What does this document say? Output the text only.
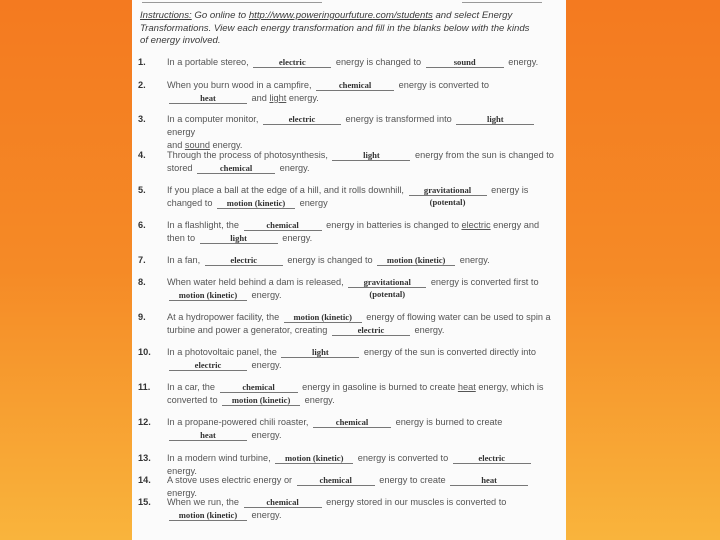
Instructions: Go online to http://www.poweringourfuture.com/students and select Energy Transformations. View each energy transformation and fill in the blanks below with the kinds of energy involved.
1. In a portable stereo,	electric	energy is changed to	sound	energy.
2. When you burn wood in a campfire,	chemical	energy is converted to
heat	and light energy.
3. In a computer monitor,	electric	energy is transformed into	light energy
and sound energy.
4. Through the process of photosynthesis,	light	energy from the sun is changed to
stored	chemical	energy.
5. If you place a ball at the edge of a hill, and it rolls downhill, gravitational
(potental)
energy is
changed to motion (kinetic) energy
6. In a flashlight, the	chemical	energy in batteries is changed to electric energy and
then to	light	energy.
7. In a fan,	electric	energy is changed to motion (kinetic) energy.
8. When water held behind a dam is released, gravitational
(potental)
energy is converted first to
motion (kinetic) energy.
9. At a hydropower facility, the motion (kinetic) energy of flowing water can be used to spin a
turbine and power a generator, creating	electric	energy.
10. In a photovoltaic panel, the	light	energy of the sun is converted directly into
electric	energy.
11. In a car, the	chemical	energy in gasoline is burned to create heat energy, which is
converted to motion (kinetic) energy.
12. In a propane-powered chili roaster,	chemical	energy is burned to create
heat	energy.
13. In a modern wind turbine, motion (kinetic) energy is converted to	electric energy.
14. A stove uses electric energy or	chemical	energy to create	heat energy.
15. When we run, the	chemical	energy stored in our muscles is converted to
motion (kinetic) energy.
